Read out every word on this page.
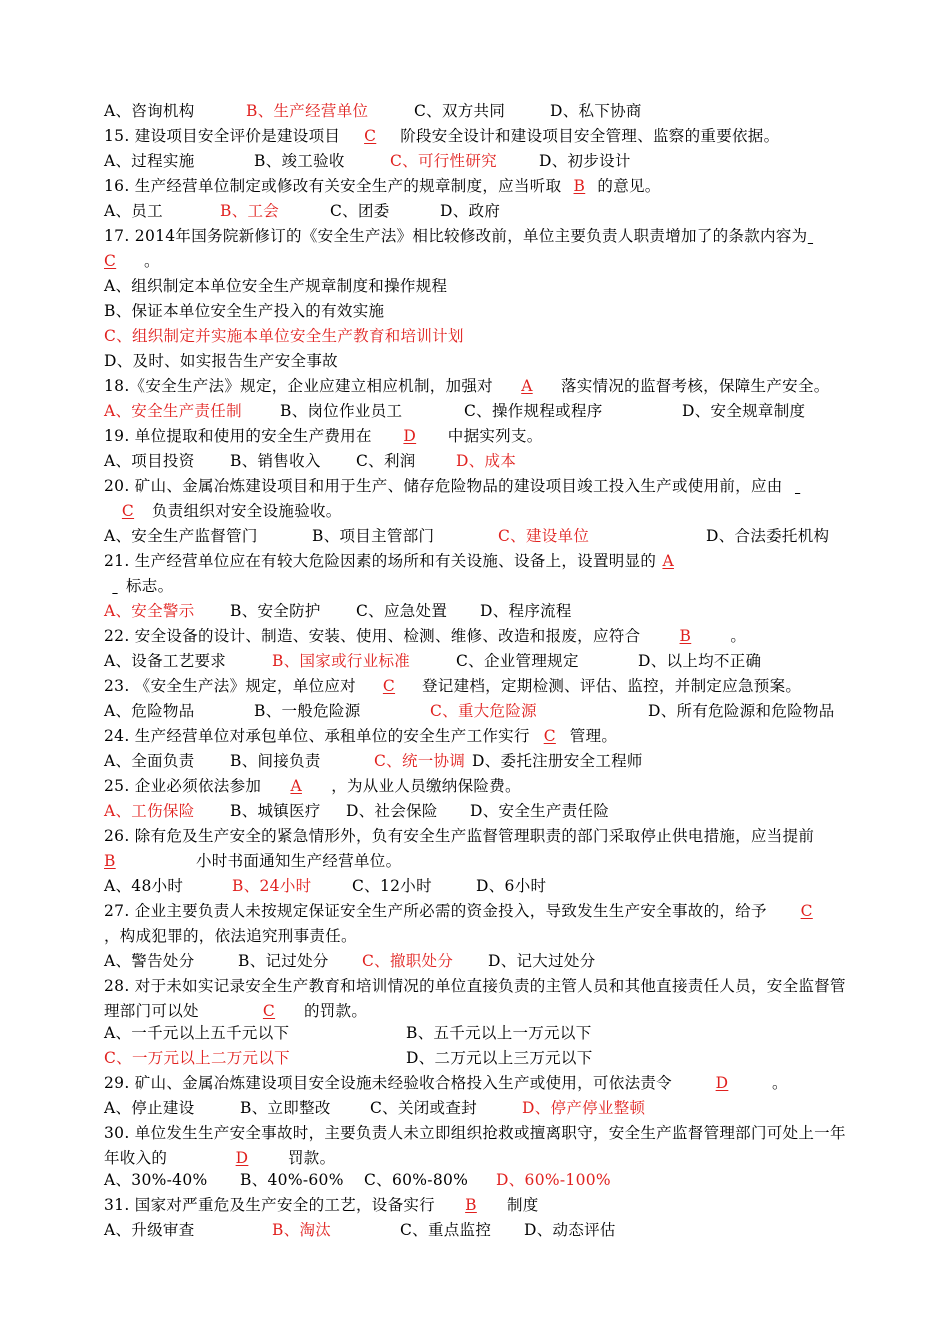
A、咨询机构	B、生产经营单位	C、双方共同	D、私下协商
15. 建设项目安全评价是建设项目 C 阶段安全设计和建设项目安全管理、监察的重要依据。
A、过程实施	B、竣工验收	C、可行性研究	D、初步设计
16. 生产经营单位制定或修改有关安全生产的规章制度，应当听取 B 的意见。
A、员工	B、工会	C、团委	D、政府
17. 2014年国务院新修订的《安全生产法》相比较修改前，单位主要负责人职责增加了的条款内容为
C 。
A、组织制定本单位安全生产规章制度和操作规程
B、保证本单位安全生产投入的有效实施
C、组织制定并实施本单位安全生产教育和培训计划
D、及时、如实报告生产安全事故
18.《安全生产法》规定，企业应建立相应机制，加强对 A 落实情况的监督考核，保障生产安全。
A、安全生产责任制 B、岗位作业员工	C、操作规程或程序	D、安全规章制度
19. 单位提取和使用的安全生产费用在 D 中据实列支。
A、项目投资 B、销售收入 C、利润	D、成本
20. 矿山、金属冶炼建设项目和用于生产、储存危险物品的建设项目竣工投入生产或使用前，应由
C 负责组织对安全设施验收。
A、安全生产监督管门	B、项目主管部门	C、建设单位	D、合法委托机构
21. 生产经营单位应在有较大危险因素的场所和有关设施、设备上，设置明显的 A
标志。
A、安全警示 B、安全防护 C、应急处置 D、程序流程
22. 安全设备的设计、制造、安装、使用、检测、维修、改造和报废，应符合	B	。
A、设备工艺要求	B、国家或行业标准	C、企业管理规定	D、以上均不正确
23. 《安全生产法》规定，单位应对 C 登记建档，定期检测、评估、监控，并制定应急预案。
A、危险物品	B、一般危险源	C、重大危险源	D、所有危险源和危险物品
24. 生产经营单位对承包单位、承租单位的安全生产工作实行 C 管理。
A、全面负责 B、间接负责	C、统一协调 D、委托注册安全工程师
25. 企业必须依法参加 A ，为从业人员缴纳保险费。
A、工伤保险 B、城镇医疗 D、社会保险 D、安全生产责任险
26. 除有危及生产安全的紧急情形外，负有安全生产监督管理职责的部门采取停止供电措施，应当提前
B	小时书面通知生产经营单位。
A、48小时	B、24小时	C、12小时	D、6小时
27. 企业主要负责人未按规定保证安全生产所必需的资金投入，导致发生生产安全事故的，给予 C
，构成犯罪的，依法追究刑事责任。
A、警告处分	B、记过处分 C、撤职处分 D、记大过处分
28. 对于未如实记录安全生产教育和培训情况的单位直接负责的主管人员和其他直接责任人员，安全监督管理部门可以处	C	的罚款。
A、一千元以上五千元以下	B、五千元以上一万元以下
C、一万元以上二万元以下	D、二万元以上三万元以下
29. 矿山、金属冶炼建设项目安全设施未经验收合格投入生产或使用，可依法责令	D	。
A、停止建设	B、立即整改	C、关闭或查封	D、停产停业整顿
30. 单位发生生产安全事故时，主要负责人未立即组织抢救或擅离职守，安全生产监督管理部门可处上一年年收入的	D	罚款。
A、30%-40% B、40%-60% C、60%-80% D、60%-100%
31. 国家对严重危及生产安全的工艺，设备实行 B 制度
A、升级审查	B、淘汰	C、重点监控 D、动态评估
